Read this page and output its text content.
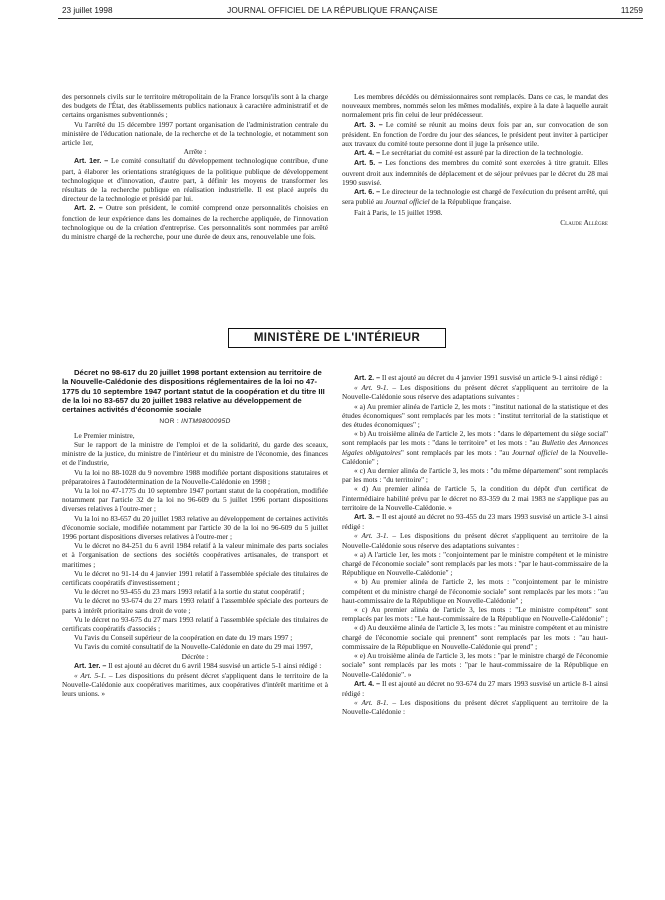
23 juillet 1998	JOURNAL OFFICIEL DE LA RÉPUBLIQUE FRANÇAISE	11259

des personnels civils sur le territoire métropolitain de la France lorsqu'ils sont à la charge des budgets de l'État, des établissements publics nationaux à caractère administratif et de certains organismes subventionnés ;

Vu l'arrêté du 15 décembre 1997 portant organisation de l'administration centrale du ministère de l'éducation nationale, de la recherche et de la technologie, et notamment son article 1er,

Arrête :

Art. 1er. – Le comité consultatif du développement technologique contribue, d'une part, à élaborer les orientations stratégiques de la politique publique de développement technologique et d'innovation, d'autre part, à définir les moyens de transformer les résultats de la recherche publique en réalisation industrielle. Il est placé auprès du directeur de la technologie et présidé par lui.

Art. 2. – Outre son président, le comité comprend onze personnalités choisies en fonction de leur expérience dans les domaines de la recherche appliquée, de l'innovation technologique ou de la création d'entreprise. Ces personnalités sont nommées par arrêté du ministre chargé de la recherche, pour une durée de deux ans, renouvelable une fois.

Les membres décédés ou démissionnaires sont remplacés. Dans ce cas, le mandat des nouveaux membres, nommés selon les mêmes modalités, expire à la date à laquelle aurait normalement pris fin celui de leur prédécesseur.

Art. 3. – Le comité se réunit au moins deux fois par an, sur convocation de son président. En fonction de l'ordre du jour des séances, le président peut inviter à participer aux travaux du comité toute personne dont il juge la présence utile.

Art. 4. – Le secrétariat du comité est assuré par la direction de la technologie.

Art. 5. – Les fonctions des membres du comité sont exercées à titre gratuit. Elles ouvrent droit aux indemnités de déplacement et de séjour prévues par le décret du 28 mai 1990 susvisé.

Art. 6. – Le directeur de la technologie est chargé de l'exécution du présent arrêté, qui sera publié au Journal officiel de la République française.

Fait à Paris, le 15 juillet 1998.

Claude Allègre

MINISTÈRE DE L'INTÉRIEUR

Décret no 98-617 du 20 juillet 1998 portant extension au territoire de la Nouvelle-Calédonie des dispositions réglementaires de la loi no 47-1775 du 10 septembre 1947 portant statut de la coopération et du titre III de la loi no 83-657 du 20 juillet 1983 relative au développement de certaines activités d'économie sociale

NOR : INTM9800095D

Le Premier ministre,

Sur le rapport de la ministre de l'emploi et de la solidarité, du garde des sceaux, ministre de la justice, du ministre de l'intérieur et du ministre de l'économie, des finances et de l'industrie,

Vu la loi no 88-1028 du 9 novembre 1988 modifiée portant dispositions statutaires et préparatoires à l'autodétermination de la Nouvelle-Calédonie en 1998 ;

Vu la loi no 47-1775 du 10 septembre 1947 portant statut de la coopération, modifiée notamment par l'article 32 de la loi no 96-609 du 5 juillet 1996 portant dispositions diverses relatives à l'outre-mer ;

Vu la loi no 83-657 du 20 juillet 1983 relative au développement de certaines activités d'économie sociale, modifiée notamment par l'article 30 de la loi no 96-609 du 5 juillet 1996 portant dispositions diverses relatives à l'outre-mer ;

Vu le décret no 84-251 du 6 avril 1984 relatif à la valeur minimale des parts sociales et à l'organisation de sections des sociétés coopératives artisanales, de transport et maritimes ;

Vu le décret no 91-14 du 4 janvier 1991 relatif à l'assemblée spéciale des titulaires de certificats coopératifs d'investissement ;

Vu le décret no 93-455 du 23 mars 1993 relatif à la sortie du statut coopératif ;

Vu le décret no 93-674 du 27 mars 1993 relatif à l'assemblée spéciale des porteurs de parts à intérêt prioritaire sans droit de vote ;

Vu le décret no 93-675 du 27 mars 1993 relatif à l'assemblée spéciale des titulaires de certificats coopératifs d'associés ;

Vu l'avis du Conseil supérieur de la coopération en date du 19 mars 1997 ;

Vu l'avis du comité consultatif de la Nouvelle-Calédonie en date du 29 mai 1997,

Décrète :

Art. 1er. – Il est ajouté au décret du 6 avril 1984 susvisé un article 5-1 ainsi rédigé :

« Art. 5-1. – Les dispositions du présent décret s'appliquent dans le territoire de la Nouvelle-Calédonie aux coopératives maritimes, aux coopératives d'intérêt maritime et à leurs unions. »

Art. 2. – Il est ajouté au décret du 4 janvier 1991 susvisé un article 9-1 ainsi rédigé :

« Art. 9-1. – Les dispositions du présent décret s'appliquent au territoire de la Nouvelle-Calédonie sous réserve des adaptations suivantes :

« a) Au premier alinéa de l'article 2, les mots : "institut national de la statistique et des études économiques" sont remplacés par les mots : "institut territorial de la statistique et des études économiques" ;

« b) Au troisième alinéa de l'article 2, les mots : "dans le département du siège social" sont remplacés par les mots : "dans le territoire" et les mots : "au Bulletin des Annonces légales obligatoires" sont remplacés par les mots : "au Journal officiel de la Nouvelle-Calédonie" ;

« c) Au dernier alinéa de l'article 3, les mots : "du même département" sont remplacés par les mots : "du territoire" ;

« d) Au premier alinéa de l'article 5, la condition du dépôt d'un certificat de l'intermédiaire habilité prévu par le décret no 83-359 du 2 mai 1983 ne s'applique pas au territoire de la Nouvelle-Calédonie. »

Art. 3. – Il est ajouté au décret no 93-455 du 23 mars 1993 susvisé un article 3-1 ainsi rédigé :

« Art. 3-1. – Les dispositions du présent décret s'appliquent au territoire de la Nouvelle-Calédonie sous réserve des adaptations suivantes :

« a) A l'article 1er, les mots : "conjointement par le ministre compétent et le ministre chargé de l'économie sociale" sont remplacés par les mots : "par le haut-commissaire de la République en Nouvelle-Calédonie" ;

« b) Au premier alinéa de l'article 2, les mots : "conjointement par le ministre compétent et du ministre chargé de l'économie sociale" sont remplacés par les mots : "au haut-commissaire de la République en Nouvelle-Calédonie" ;

« c) Au premier alinéa de l'article 3, les mots : "Le ministre compétent" sont remplacés par les mots : "Le haut-commissaire de la République en Nouvelle-Calédonie" ;

« d) Au deuxième alinéa de l'article 3, les mots : "au ministre compétent et au ministre chargé de l'économie sociale qui prennent" sont remplacés par les mots : "au haut-commissaire de la République en Nouvelle-Calédonie qui prend" ;

« e) Au troisième alinéa de l'article 3, les mots : "par le ministre chargé de l'économie sociale" sont remplacés par les mots : "par le haut-commissaire de la République en Nouvelle-Calédonie". »

Art. 4. – Il est ajouté au décret no 93-674 du 27 mars 1993 susvisé un article 8-1 ainsi rédigé :

« Art. 8-1. – Les dispositions du présent décret s'appliquent au territoire de la Nouvelle-Calédonie :
